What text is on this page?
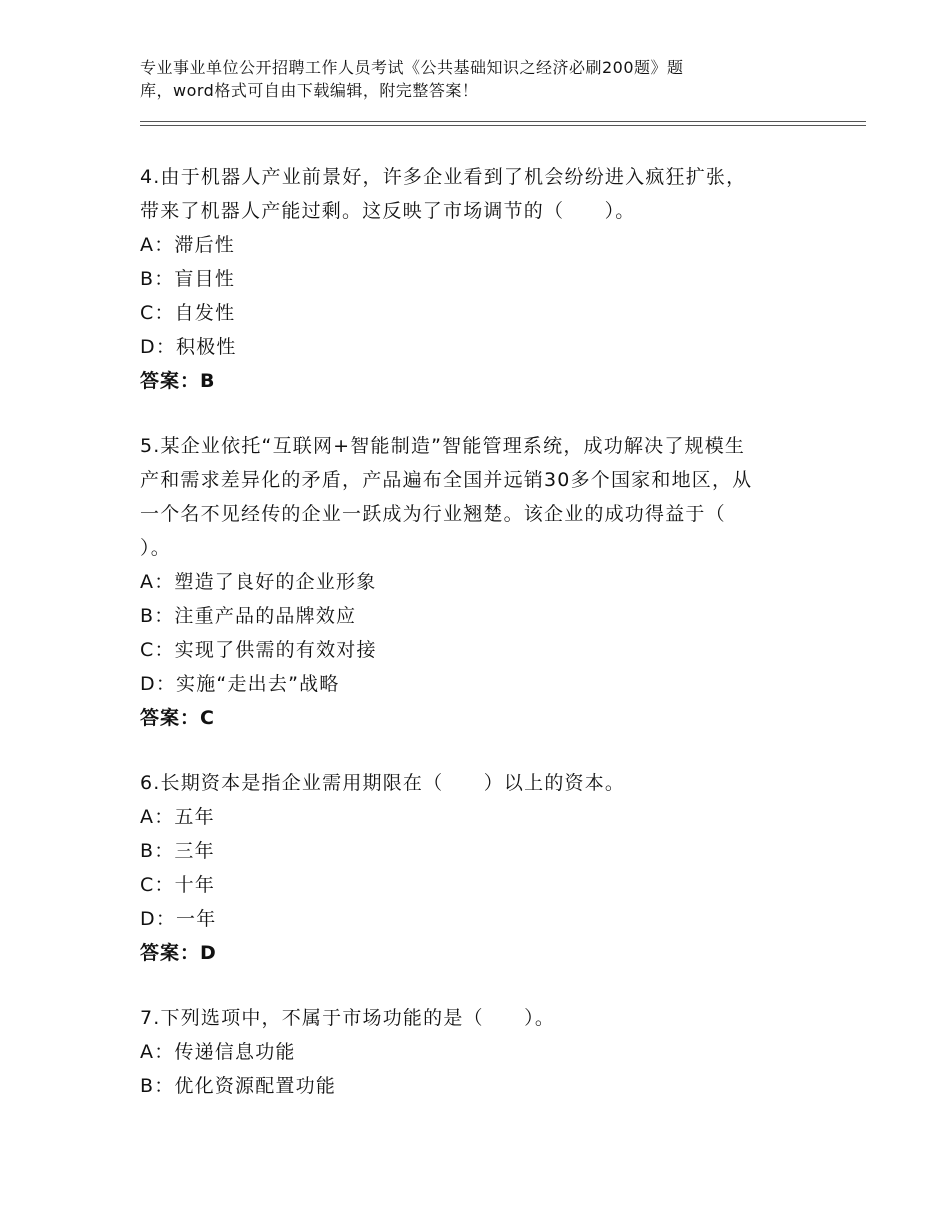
专业事业单位公开招聘工作人员考试《公共基础知识之经济必刷200题》题
库，word格式可自由下载编辑，附完整答案！

4.由于机器人产业前景好，许多企业看到了机会纷纷进入疯狂扩张，
带来了机器人产能过剩。这反映了市场调节的（　　）。

A：滞后性
B：盲目性
C：自发性
D：积极性
答案：B

5.某企业依托“互联网+智能制造”智能管理系统，成功解决了规模生
产和需求差异化的矛盾，产品遍布全国并远销30多个国家和地区，从
一个名不见经传的企业一跃成为行业翘楚。该企业的成功得益于（
）。

A：塑造了良好的企业形象
B：注重产品的品牌效应
C：实现了供需的有效对接
D：实施“走出去”战略
答案：C

6.长期资本是指企业需用期限在（　　）以上的资本。

A：五年
B：三年
C：十年
D：一年
答案：D

7.下列选项中，不属于市场功能的是（　　）。

A：传递信息功能
B：优化资源配置功能
